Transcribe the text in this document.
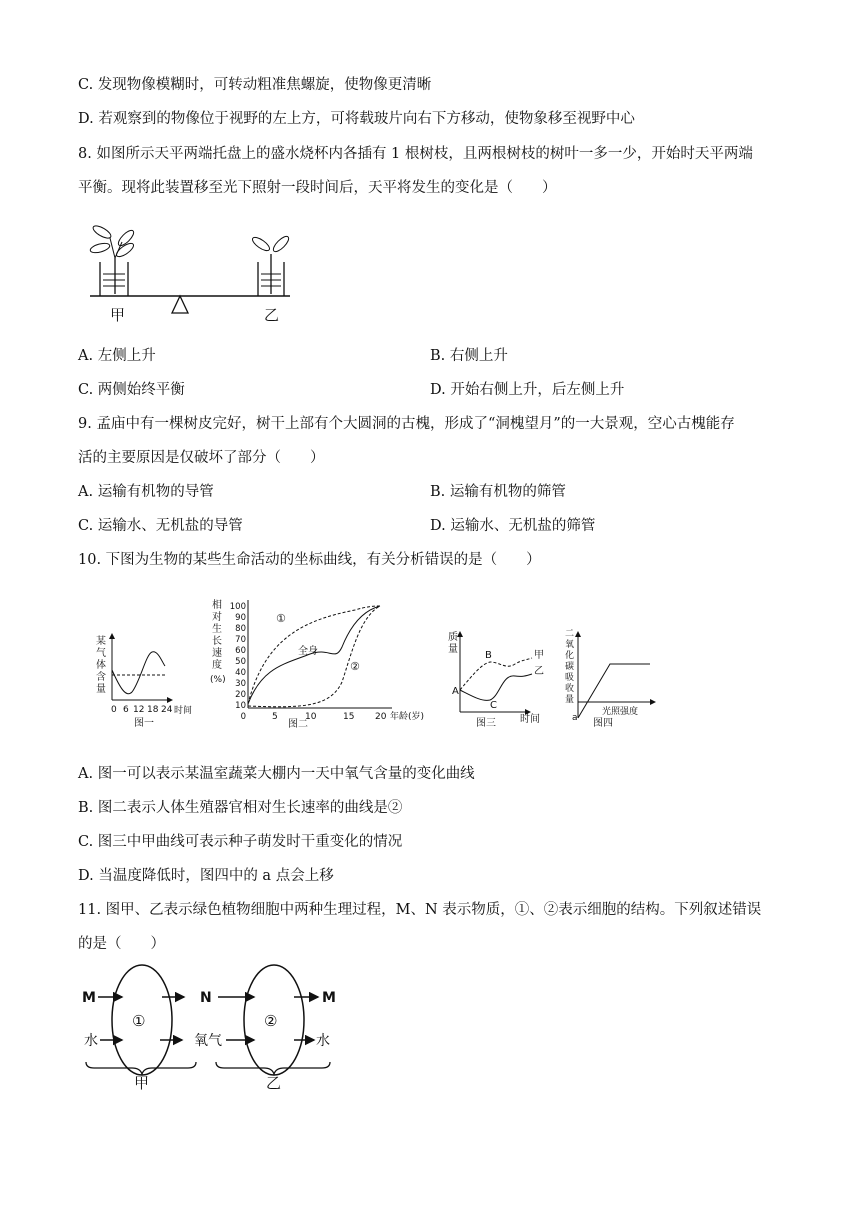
C. 发现物像模糊时，可转动粗准焦螺旋，使物像更清晰
D. 若观察到的物像位于视野的左上方，可将载玻片向右下方移动，使物象移至视野中心
8. 如图所示天平两端托盘上的盛水烧杯内各插有 1 根树枝，且两根树枝的树叶一多一少，开始时天平两端
平衡。现将此装置移至光下照射一段时间后，天平将发生的变化是（　　）
甲	乙
A. 左侧上升	B. 右侧上升
C. 两侧始终平衡	D. 开始右侧上升，后左侧上升
9. 孟庙中有一棵树皮完好，树干上部有个大圆洞的古槐，形成了“洞槐望月”的一大景观，空心古槐能存
活的主要原因是仅破坏了部分（　　）
A. 运输有机物的导管	B. 运输有机物的筛管
C. 运输水、无机盐的导管	D. 运输水、无机盐的筛管
10. 下图为生物的某些生命活动的坐标曲线，有关分析错误的是（　　）
某
气
体
含
量
0 6 12 18 24 时间
图一
相
对
生
长
速
度
(%)
100
90
80
70
60
50
40
30
20
10
0
①
全身
②
5	10	15 20 年龄(岁)
图二
质
量
A
B
C
甲
乙
时间
图三
二
氧
化
碳
吸
收
量
a
光照强度
图四
A. 图一可以表示某温室蔬菜大棚内一天中氧气含量的变化曲线
B. 图二表示人体生殖器官相对生长速率的曲线是②
C. 图三中甲曲线可表示种子萌发时干重变化的情况
D. 当温度降低时，图四中的 a 点会上移
11. 图甲、乙表示绿色植物细胞中两种生理过程，M、N 表示物质，①、②表示细胞的结构。下列叙述错误
的是（　　）
①
M
水
②
N	M
氧气	水
甲	乙
